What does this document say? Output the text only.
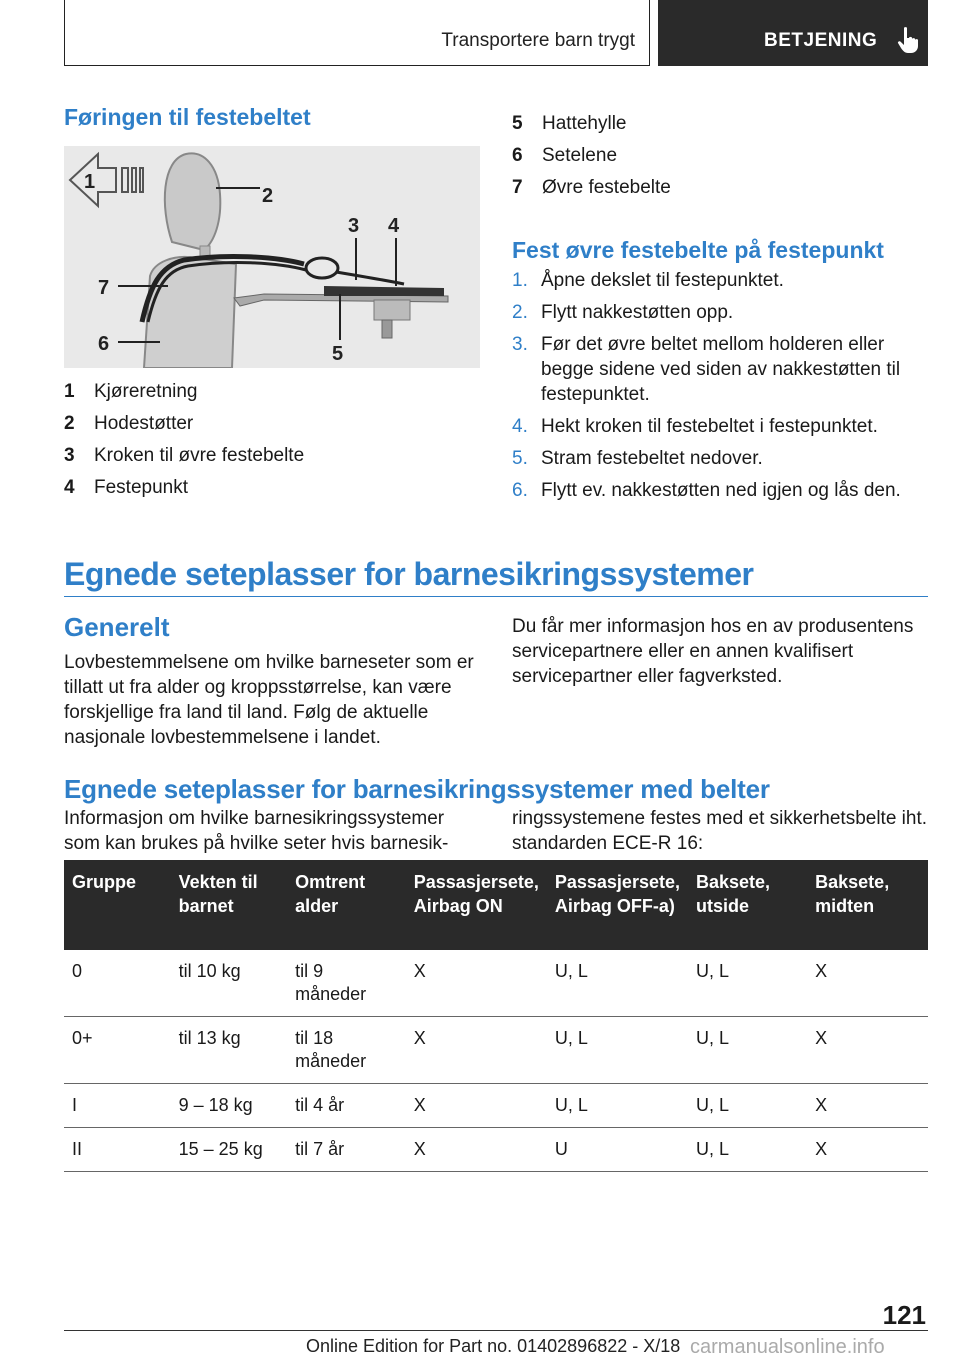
Transportere barn trygt	BETJENING
Føringen til festebeltet
1
2
3 4
5
6
7
1	Kjøreretning
2	Hodestøtter
3	Kroken til øvre festebelte
4	Festepunkt
5	Hattehylle
6	Setelene
7	Øvre festebelte
Fest øvre festebelte på festepunkt
1. Åpne dekslet til festepunktet.
2. Flytt nakkestøtten opp.
3. Før det øvre beltet mellom holderen eller begge sidene ved siden av nakkestøtten til festepunktet.
4. Hekt kroken til festebeltet i festepunktet.
5. Stram festebeltet nedover.
6. Flytt ev. nakkestøtten ned igjen og lås den.
Egnede seteplasser for barnesikringssystemer
Generelt
Lovbestemmelsene om hvilke barneseter som er tillatt ut fra alder og kroppsstørrelse, kan være forskjellige fra land til land. Følg de aktuelle nasjonale lovbestemmelsene i landet.
Du får mer informasjon hos en av produsentens servicepartnere eller en annen kvalifisert servicepartner eller fagverksted.
Egnede seteplasser for barnesikringssystemer med belter
Informasjon om hvilke barnesikringssystemer som kan brukes på hvilke seter hvis barnesik-
ringssystemene festes med et sikkerhetsbelte iht. standarden ECE-R 16:
Gruppe	Vekten til barnet	Omtrent alder	Passasjersete, Airbag ON	Passasjersete, Airbag OFF-a)	Baksete, utside	Baksete, midten
0	til 10 kg	til 9 måneder	X	U, L	U, L	X
0+	til 13 kg	til 18 måneder	X	U, L	U, L	X
I	9 – 18 kg	til 4 år	X	U, L	U, L	X
II	15 – 25 kg	til 7 år	X	U	U, L	X
121
Online Edition for Part no. 01402896822 - X/18 carmanualsonline.info
